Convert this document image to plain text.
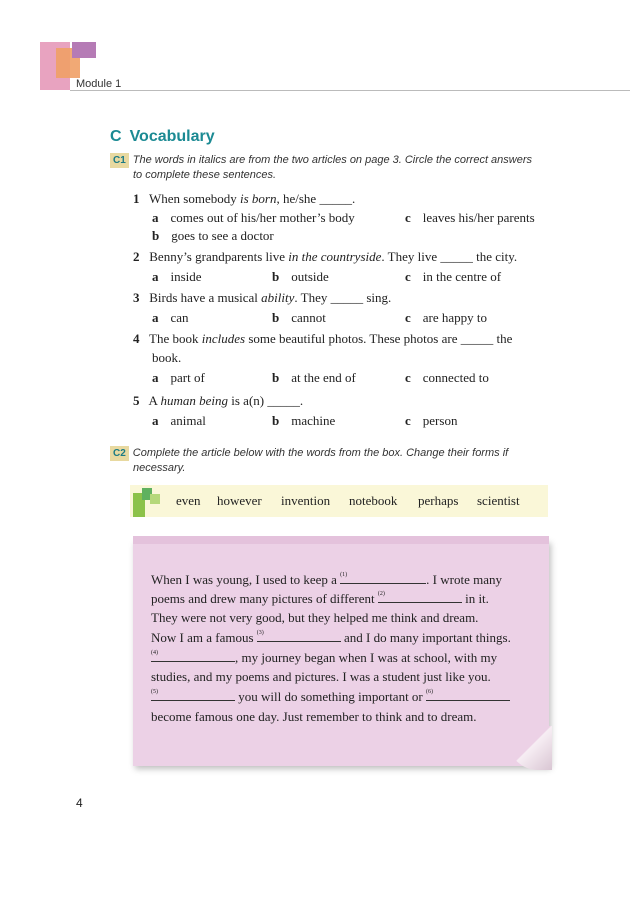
Module 1
C Vocabulary
C1 The words in italics are from the two articles on page 3. Circle the correct answers
to complete these sentences.
1 When somebody is born, he/she _____.
a comes out of his/her mother’s body	c leaves his/her parents
b goes to see a doctor
2 Benny’s grandparents live in the countryside. They live _____ the city.
a inside	b outside	c in the centre of
3 Birds have a musical ability. They _____ sing.
a can	b cannot	c are happy to
4 The book includes some beautiful photos. These photos are _____ the
book.
a part of	b at the end of	c connected to
5 A human being is a(n) _____.
a animal	b machine	c person
C2 Complete the article below with the words from the box. Change their forms if
necessary.
even however invention notebook perhaps scientist
When I was young, I used to keep a (1)	. I wrote many
poems and drew many pictures of different (2)	in it.
They were not very good, but they helped me think and dream.
Now I am a famous (3)	and I do many important things.
(4)	, my journey began when I was at school, with my
studies, and my poems and pictures. I was a student just like you.
(5)	you will do something important or (6)
become famous one day. Just remember to think and to dream.
4
